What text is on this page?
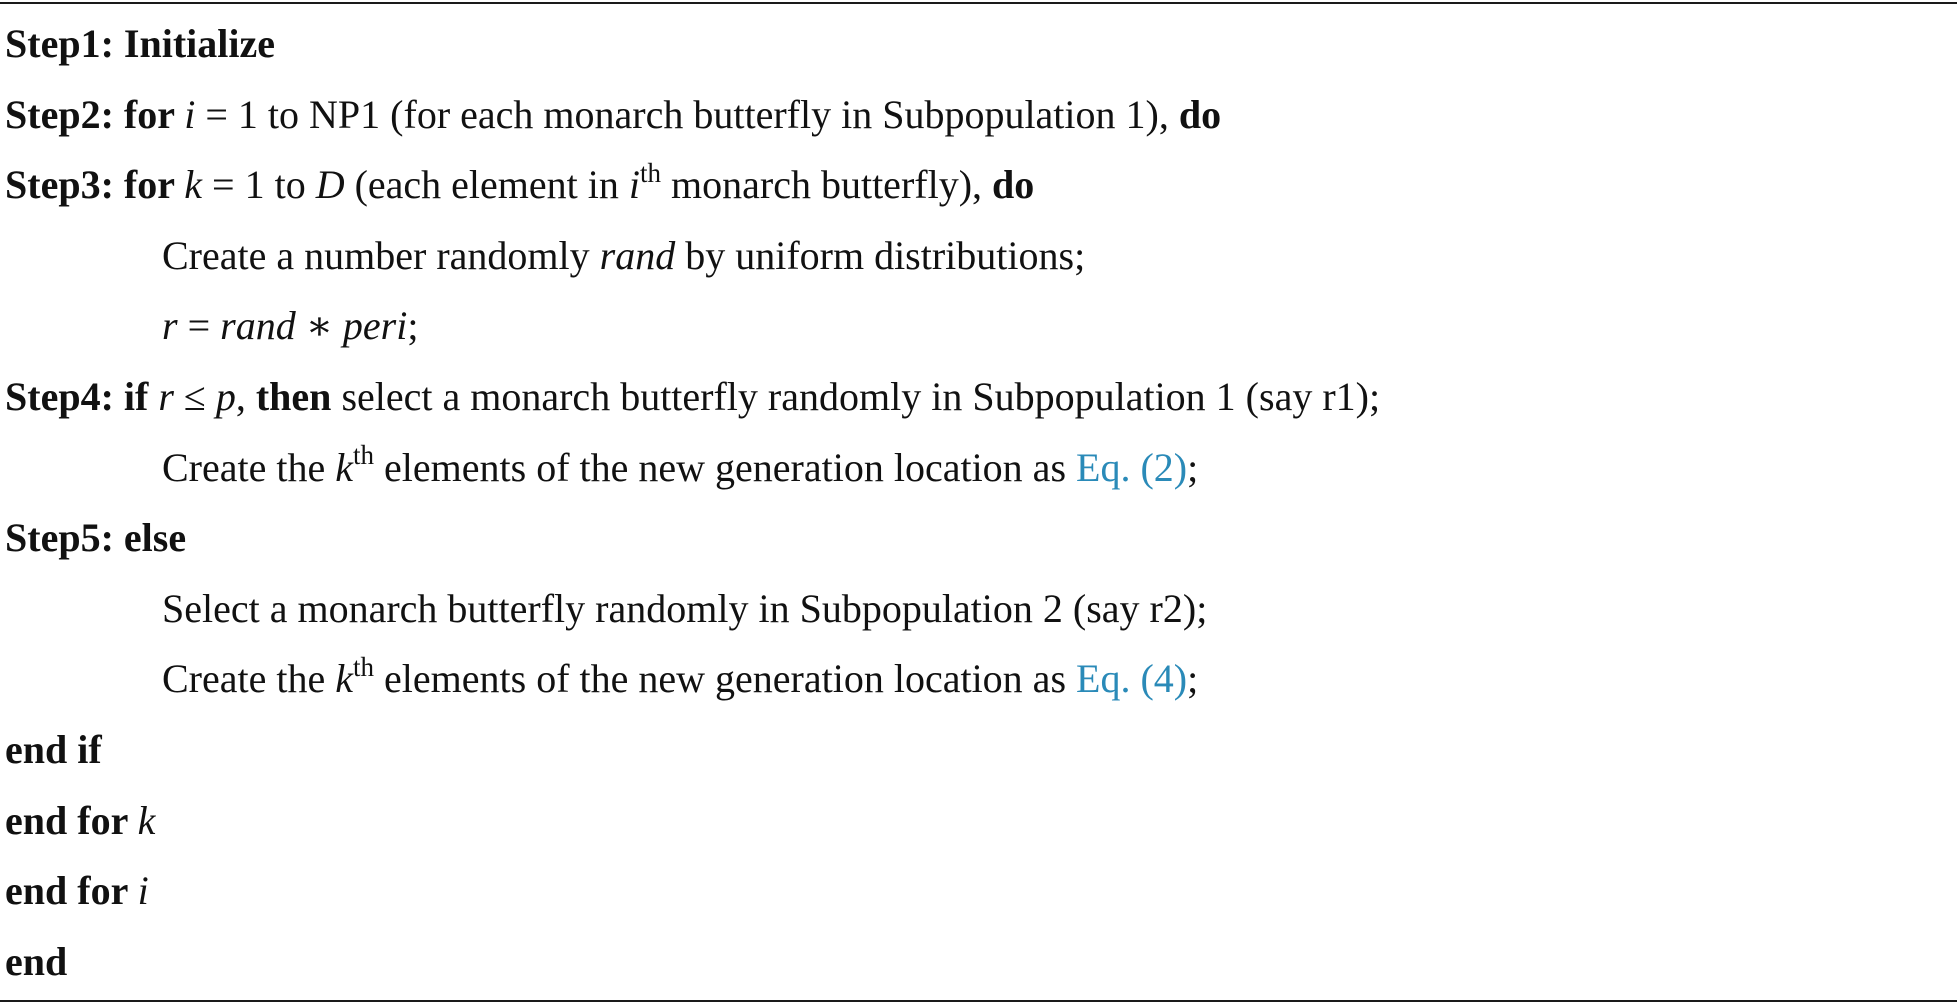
Step1: Initialize
Step2: for i = 1 to NP1 (for each monarch butterfly in Subpopulation 1), do
Step3: for k = 1 to D (each element in $i^{th}$ monarch butterfly), do
Create a number randomly rand by uniform distributions;
r = rand ∗ peri;
Step4: if r ≤ p, then select a monarch butterfly randomly in Subpopulation 1 (say r1);
Create the $k^{th}$ elements of the new generation location as Eq. (2);
Step5: else
Select a monarch butterfly randomly in Subpopulation 2 (say r2);
Create the $k^{th}$ elements of the new generation location as Eq. (4);
end if
end for k
end for i
end
